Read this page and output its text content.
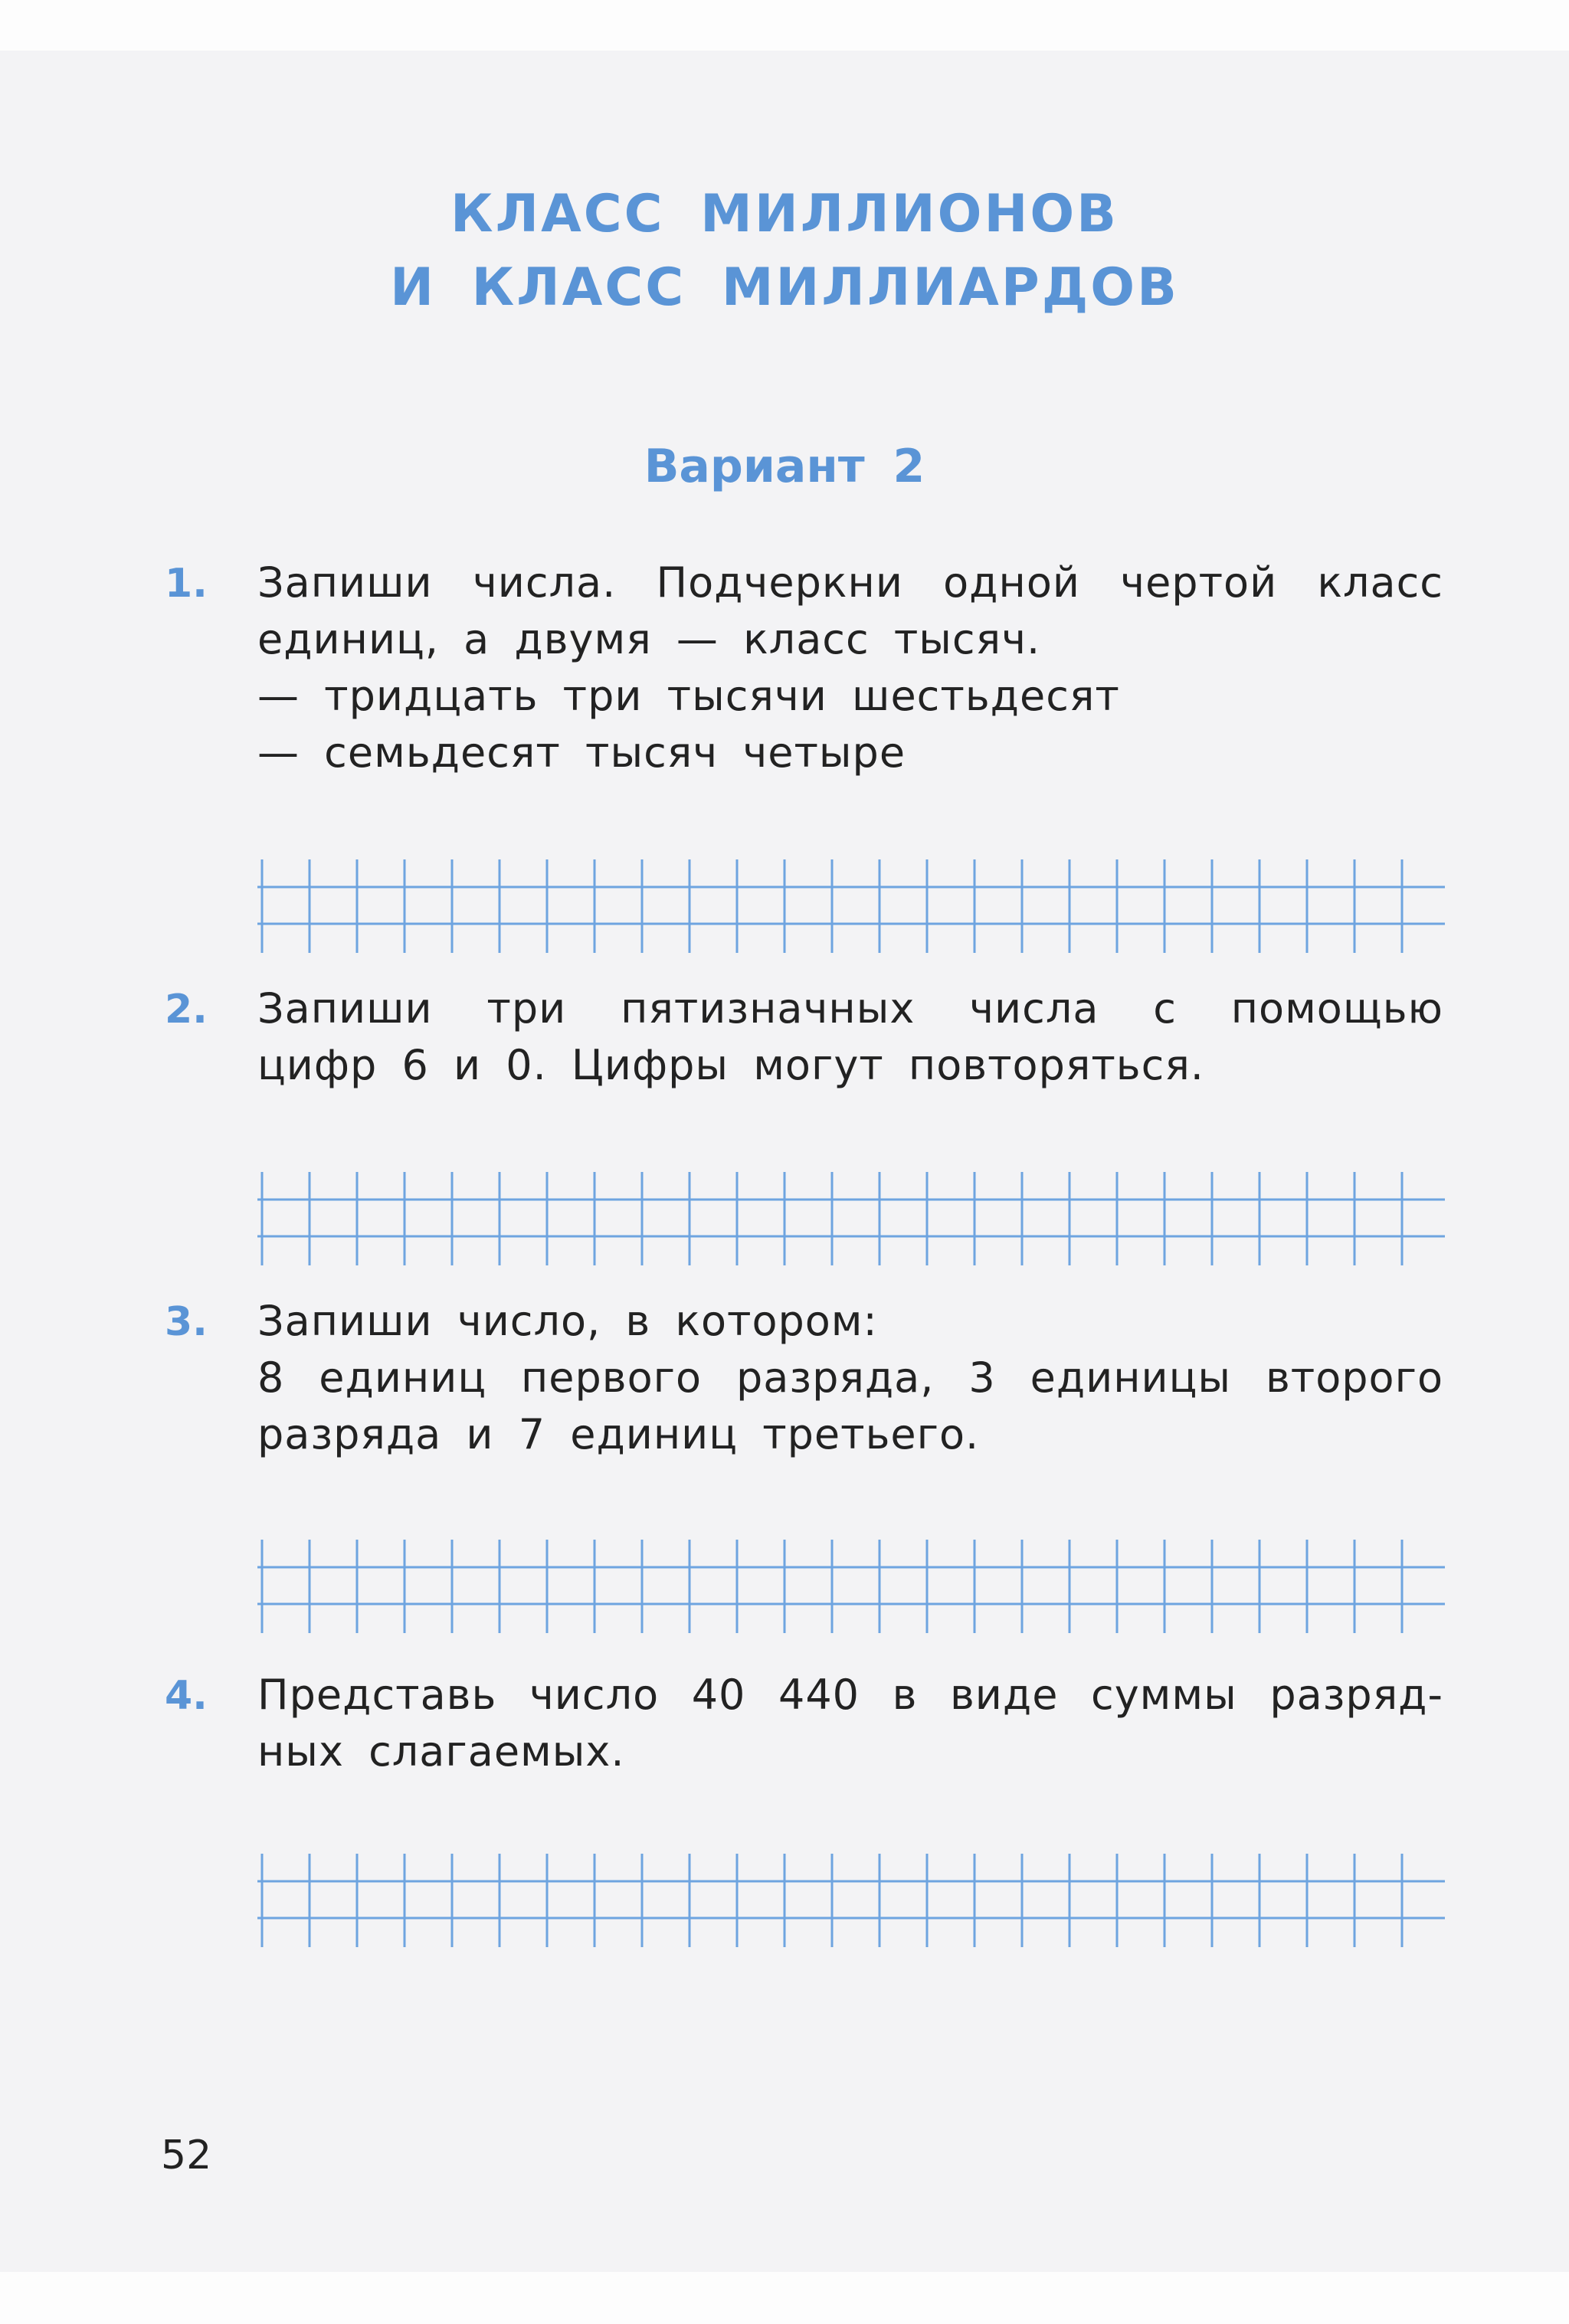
КЛАСС МИЛЛИОНОВ
И КЛАСС МИЛЛИАРДОВ
Вариант 2
1. Запиши числа. Подчеркни одной чертой класс
единиц, а двумя — класс тысяч.
— тридцать три тысячи шестьдесят
— семьдесят тысяч четыре
2. Запиши три пятизначных числа с помощью
цифр 6 и 0. Цифры могут повторяться.
3. Запиши число, в котором:
8 единиц первого разряда, 3 единицы второго
разряда и 7 единиц третьего.
4. Представь число 40 440 в виде суммы разряд-
ных слагаемых.
52
